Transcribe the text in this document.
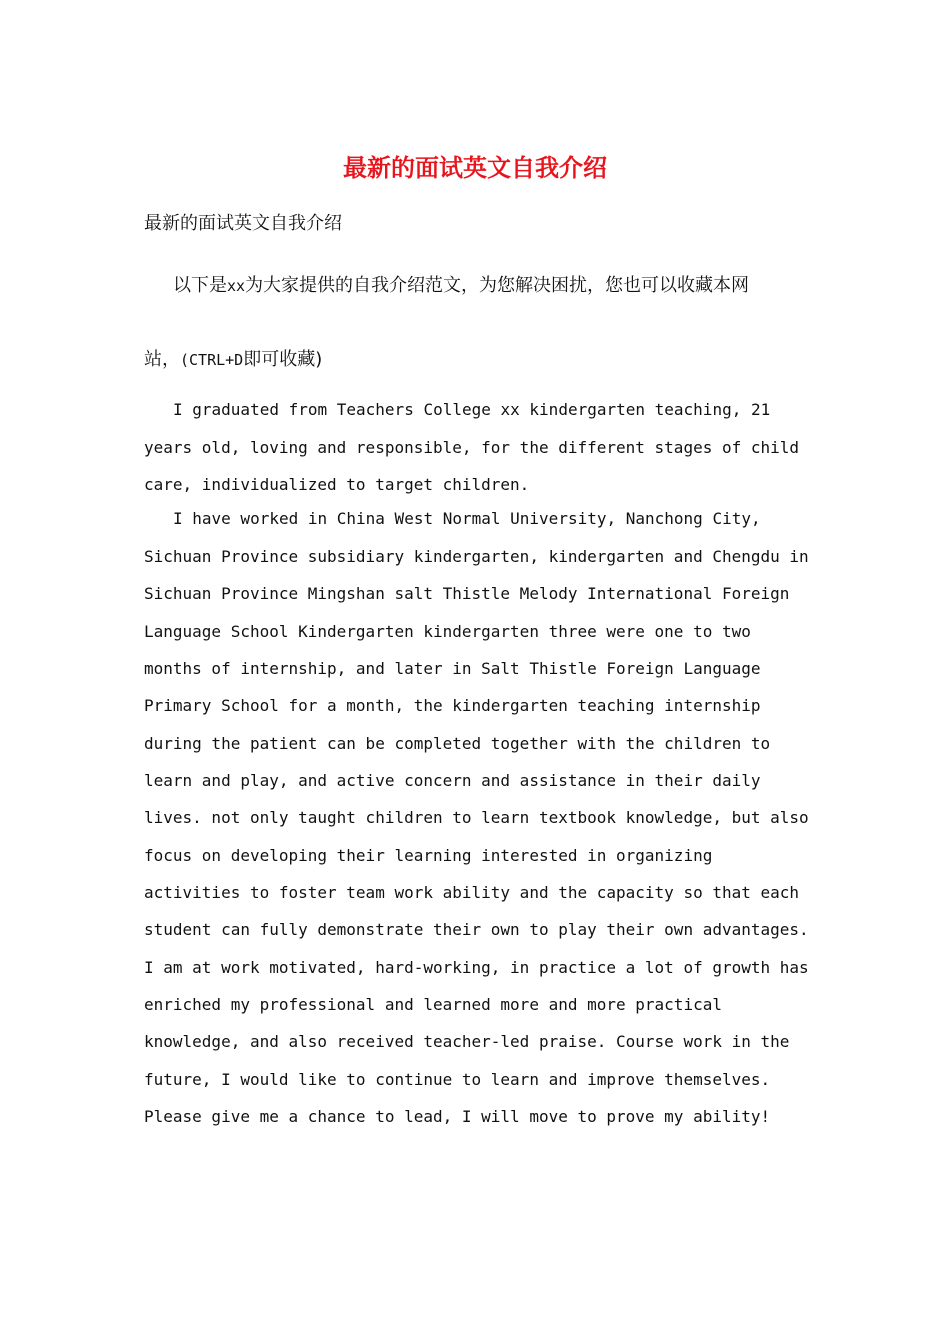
最新的面试英文自我介绍

最新的面试英文自我介绍

以下是xx为大家提供的自我介绍范文，为您解决困扰，您也可以收藏本网

站，(CTRL+D即可收藏)

I graduated from Teachers College xx kindergarten teaching, 21

years old, loving and responsible, for the different stages of child

care, individualized to target children.

I have worked in China West Normal University, Nanchong City,

Sichuan Province subsidiary kindergarten, kindergarten and Chengdu in

Sichuan Province Mingshan salt Thistle Melody International Foreign

Language School Kindergarten kindergarten three were one to two

months of internship, and later in Salt Thistle Foreign Language

Primary School for a month, the kindergarten teaching internship

during the patient can be completed together with the children to

learn and play, and active concern and assistance in their daily

lives. not only taught children to learn textbook knowledge, but also

focus on developing their learning interested in organizing

activities to foster team work ability and the capacity so that each

student can fully demonstrate their own to play their own advantages.

I am at work motivated, hard-working, in practice a lot of growth has

enriched my professional and learned more and more practical

knowledge, and also received teacher-led praise. Course work in the

future, I would like to continue to learn and improve themselves.

Please give me a chance to lead, I will move to prove my ability!
